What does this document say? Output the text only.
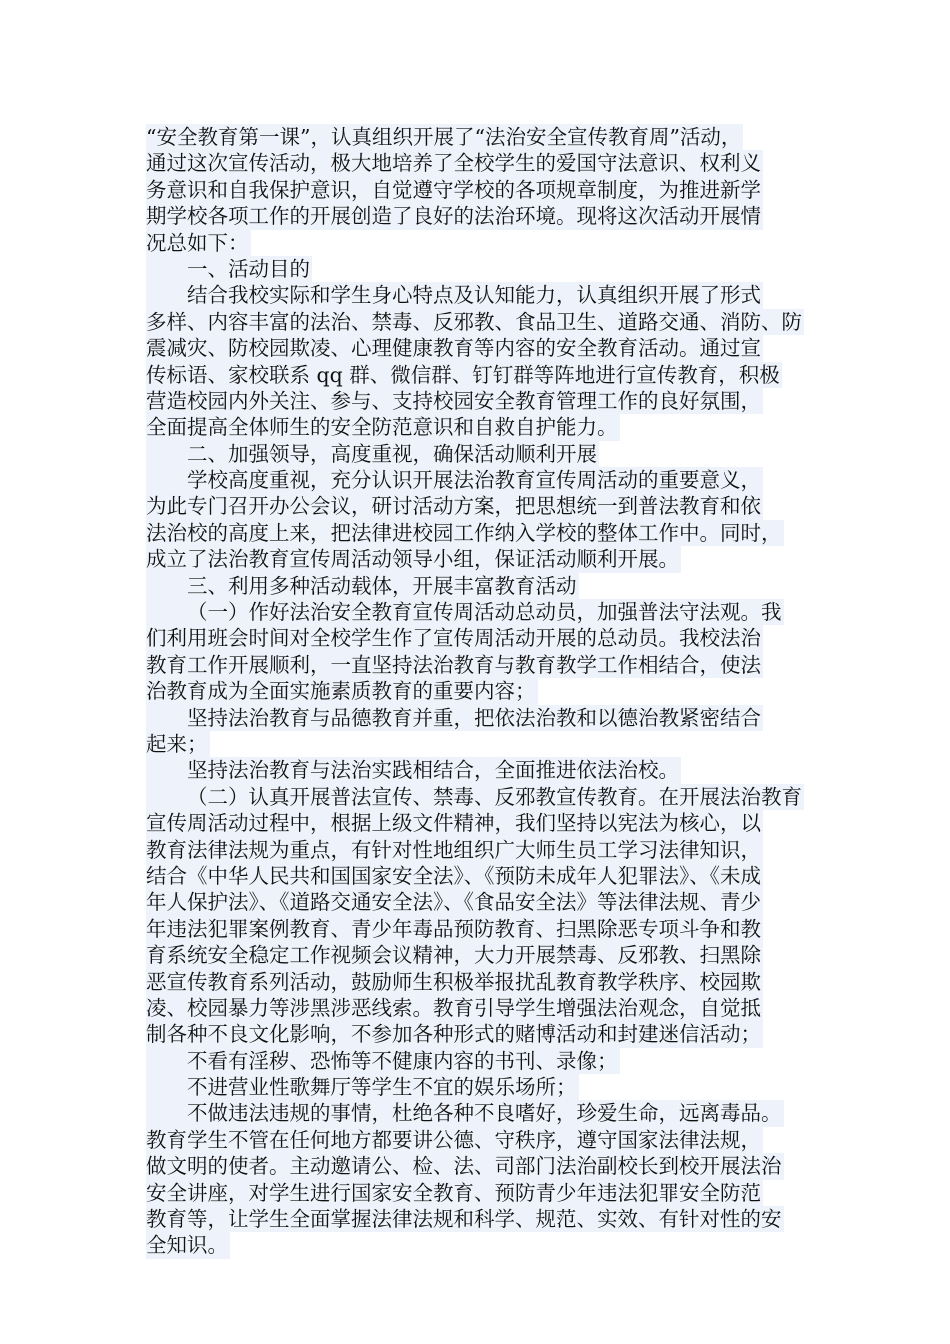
“安全教育第一课”，认真组织开展了“法治安全宣传教育周”活动，
通过这次宣传活动，极大地培养了全校学生的爱国守法意识、权利义
务意识和自我保护意识，自觉遵守学校的各项规章制度，为推进新学
期学校各项工作的开展创造了良好的法治环境。现将这次活动开展情
况总如下：
一、活动目的
结合我校实际和学生身心特点及认知能力，认真组织开展了形式
多样、内容丰富的法治、禁毒、反邪教、食品卫生、道路交通、消防、防
震减灾、防校园欺凌、心理健康教育等内容的安全教育活动。通过宣
传标语、家校联系 qq 群、微信群、钉钉群等阵地进行宣传教育，积极
营造校园内外关注、参与、支持校园安全教育管理工作的良好氛围，
全面提高全体师生的安全防范意识和自救自护能力。
二、加强领导，高度重视，确保活动顺利开展
学校高度重视，充分认识开展法治教育宣传周活动的重要意义，
为此专门召开办公会议，研讨活动方案，把思想统一到普法教育和依
法治校的高度上来，把法律进校园工作纳入学校的整体工作中。同时，
成立了法治教育宣传周活动领导小组，保证活动顺利开展。
三、利用多种活动载体，开展丰富教育活动
（一）作好法治安全教育宣传周活动总动员，加强普法守法观。我
们利用班会时间对全校学生作了宣传周活动开展的总动员。我校法治
教育工作开展顺利，一直坚持法治教育与教育教学工作相结合，使法
治教育成为全面实施素质教育的重要内容；
坚持法治教育与品德教育并重，把依法治教和以德治教紧密结合
起来；
坚持法治教育与法治实践相结合，全面推进依法治校。
（二）认真开展普法宣传、禁毒、反邪教宣传教育。在开展法治教育
宣传周活动过程中，根据上级文件精神，我们坚持以宪法为核心，以
教育法律法规为重点，有针对性地组织广大师生员工学习法律知识，
结合《中华人民共和国国家安全法》、《预防未成年人犯罪法》、《未成
年人保护法》、《道路交通安全法》、《食品安全法》等法律法规、青少
年违法犯罪案例教育、青少年毒品预防教育、扫黑除恶专项斗争和教
育系统安全稳定工作视频会议精神，大力开展禁毒、反邪教、扫黑除
恶宣传教育系列活动，鼓励师生积极举报扰乱教育教学秩序、校园欺
凌、校园暴力等涉黑涉恶线索。教育引导学生增强法治观念，自觉抵
制各种不良文化影响，不参加各种形式的赌博活动和封建迷信活动；
不看有淫秽、恐怖等不健康内容的书刊、录像；
不进营业性歌舞厅等学生不宜的娱乐场所；
不做违法违规的事情，杜绝各种不良嗜好，珍爱生命，远离毒品。
教育学生不管在任何地方都要讲公德、守秩序，遵守国家法律法规，
做文明的使者。主动邀请公、检、法、司部门法治副校长到校开展法治
安全讲座，对学生进行国家安全教育、预防青少年违法犯罪安全防范
教育等，让学生全面掌握法律法规和科学、规范、实效、有针对性的安
全知识。
